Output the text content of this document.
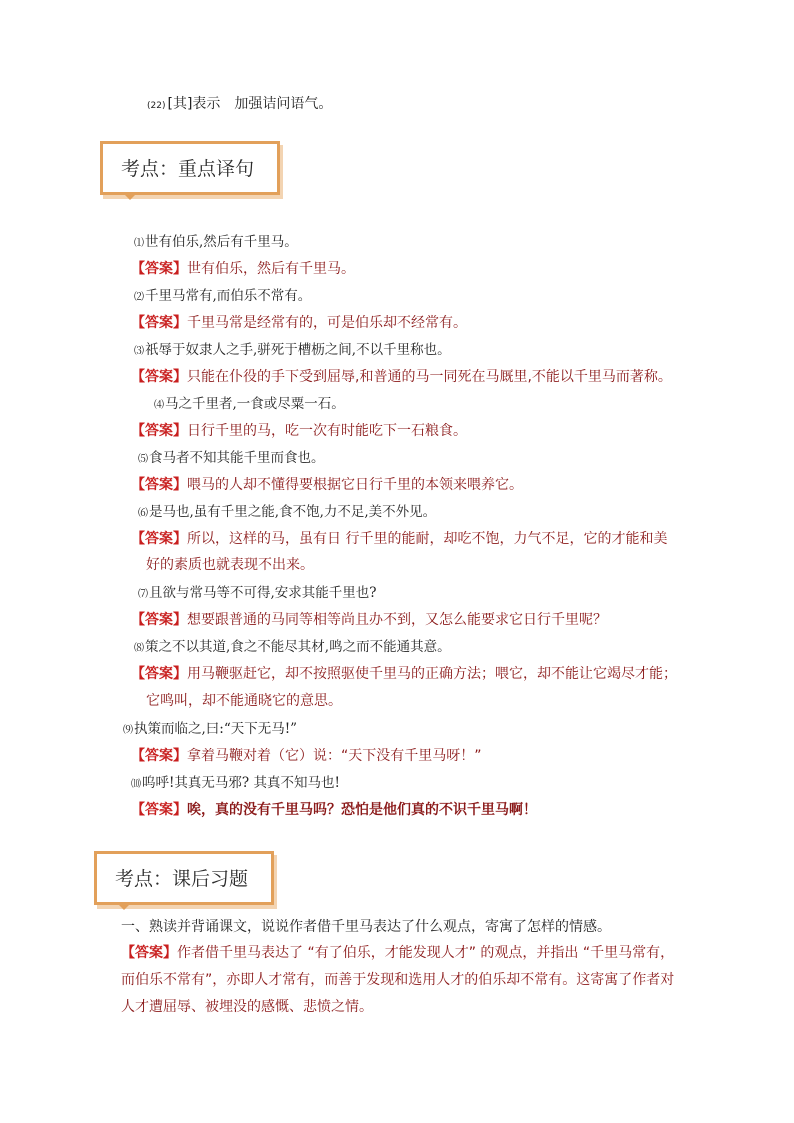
(22) [其]表示　加强诘问语气。
考点：重点译句
⑴世有伯乐,然后有千里马。
【答案】世有伯乐，然后有千里马。
⑵千里马常有,而伯乐不常有。
【答案】千里马常是经常有的，可是伯乐却不经常有。
⑶祇辱于奴隶人之手,骈死于槽枥之间,不以千里称也。
【答案】只能在仆役的手下受到屈辱,和普通的马一同死在马厩里,不能以千里马而著称。
⑷马之千里者,一食或尽粟一石。
【答案】日行千里的马，吃一次有时能吃下一石粮食。
⑸食马者不知其能千里而食也。
【答案】喂马的人却不懂得要根据它日行千里的本领来喂养它。
⑹是马也,虽有千里之能,食不饱,力不足,美不外见。
【答案】所以，这样的马，虽有日 行千里的能耐，却吃不饱，力气不足，它的才能和美
好的素质也就表现不出来。
⑺且欲与常马等不可得,安求其能千里也?
【答案】想要跟普通的马同等相等尚且办不到，又怎么能要求它日行千里呢？
⑻策之不以其道,食之不能尽其材,鸣之而不能通其意。
【答案】用马鞭驱赶它，却不按照驱使千里马的正确方法；喂它，却不能让它竭尽才能；
它鸣叫，却不能通晓它的意思。
⑼执策而临之,曰:“天下无马!”
【答案】拿着马鞭对着（它）说：“天下没有千里马呀！”
⑽呜呼!其真无马邪? 其真不知马也!
【答案】唉，真的没有千里马吗？恐怕是他们真的不识千里马啊！
考点：课后习题
一、熟读并背诵课文，说说作者借千里马表达了什么观点，寄寓了怎样的情感。
【答案】作者借千里马表达了 “有了伯乐，才能发现人才” 的观点，并指出 “千里马常有，
而伯乐不常有”，亦即人才常有，而善于发现和选用人才的伯乐却不常有。这寄寓了作者对
人才遭屈辱、被埋没的感慨、悲愤之情。
